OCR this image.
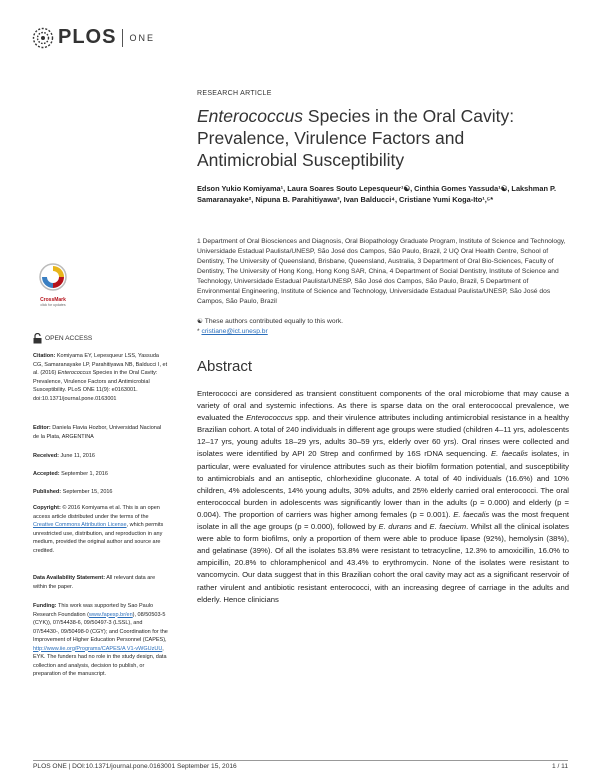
PLOS ONE
RESEARCH ARTICLE
Enterococcus Species in the Oral Cavity: Prevalence, Virulence Factors and Antimicrobial Susceptibility
Edson Yukio Komiyama¹, Laura Soares Souto Lepesqueur¹☯, Cinthia Gomes Yassuda¹☯, Lakshman P. Samaranayake², Nipuna B. Parahitiyawa³, Ivan Balducci⁴, Cristiane Yumi Koga-Ito¹,⁵*
1 Department of Oral Biosciences and Diagnosis, Oral Biopathology Graduate Program, Institute of Science and Technology, Universidade Estadual Paulista/UNESP, São José dos Campos, São Paulo, Brazil, 2 UQ Oral Health Centre, School of Dentistry, The University of Queensland, Brisbane, Queensland, Australia, 3 Department of Oral Bio-Sciences, Faculty of Dentistry, The University of Hong Kong, Hong Kong SAR, China, 4 Department of Social Dentistry, Institute of Science and Technology, Universidade Estadual Paulista/UNESP, São José dos Campos, São Paulo, Brazil, 5 Department of Environmental Engineering, Institute of Science and Technology, Universidade Estadual Paulista/UNESP, São José dos Campos, São Paulo, Brazil
☯ These authors contributed equally to this work.
* cristiane@ict.unesp.br
CrossMark
click for updates
OPEN ACCESS
Citation: Komiyama EY, Lepesqueur LSS, Yassuda CG, Samaranayake LP, Parahitiyawa NB, Balducci I, et al. (2016) Enterococcus Species in the Oral Cavity: Prevalence, Virulence Factors and Antimicrobial Susceptibility. PLoS ONE 11(9): e0163001. doi:10.1371/journal.pone.0163001
Editor: Daniela Flavia Hozbor, Universidad Nacional de la Plata, ARGENTINA
Received: June 11, 2016
Accepted: September 1, 2016
Published: September 15, 2016
Copyright: © 2016 Komiyama et al. This is an open access article distributed under the terms of the Creative Commons Attribution License, which permits unrestricted use, distribution, and reproduction in any medium, provided the original author and source are credited.
Data Availability Statement: All relevant data are within the paper.
Funding: This work was supported by Sao Paulo Research Foundation (www.fapesp.br/en), 08/50503-5 (CYK)), 07/54438-6, 09/50497-3 (LSSL), and 07/54430-, 09/50498-0 (CGY); and Coordination for the Improvement of Higher Education Personnel (CAPES), http://www.iie.org/Programs/CAPES/A V1-vWGUzUU, EYK. The funders had no role in the study design, data collection and analysis, decision to publish, or preparation of the manuscript.
Abstract
Enterococci are considered as transient constituent components of the oral microbiome that may cause a variety of oral and systemic infections. As there is sparse data on the oral enterococcal prevalence, we evaluated the Enterococcus spp. and their virulence attributes including antimicrobial resistance in a healthy Brazilian cohort. A total of 240 individuals in different age groups were studied (children 4–11 yrs, adolescents 12–17 yrs, young adults 18–29 yrs, adults 30–59 yrs, elderly over 60 yrs). Oral rinses were collected and isolates were identified by API 20 Strep and confirmed by 16S rDNA sequencing. E. faecalis isolates, in particular, were evaluated for virulence attributes such as their biofilm formation potential, and susceptibility to antimicrobials and an antiseptic, chlorhexidine gluconate. A total of 40 individuals (16.6%) and 10% children, 4% adolescents, 14% young adults, 30% adults, and 25% elderly carried oral enterococci. The oral enterococcal burden in adolescents was significantly lower than in the adults (p = 0.000) and elderly (p = 0.004). The proportion of carriers was higher among females (p = 0.001). E. faecalis was the most frequent isolate in all the age groups (p = 0.000), followed by E. durans and E. faecium. Whilst all the clinical isolates were able to form biofilms, only a proportion of them were able to produce lipase (92%), hemolysin (38%), and gelatinase (39%). Of all the isolates 53.8% were resistant to tetracycline, 12.3% to amoxicillin, 16.0% to ampicillin, 20.8% to chloramphenicol and 43.4% to erythromycin. None of the isolates were resistant to vancomycin. Our data suggest that in this Brazilian cohort the oral cavity may act as a significant reservoir of rather virulent and antibiotic resistant enterococci, with an increasing degree of carriage in the adults and elderly. Hence clinicians
PLOS ONE | DOI:10.1371/journal.pone.0163001 September 15, 2016	1 / 11
